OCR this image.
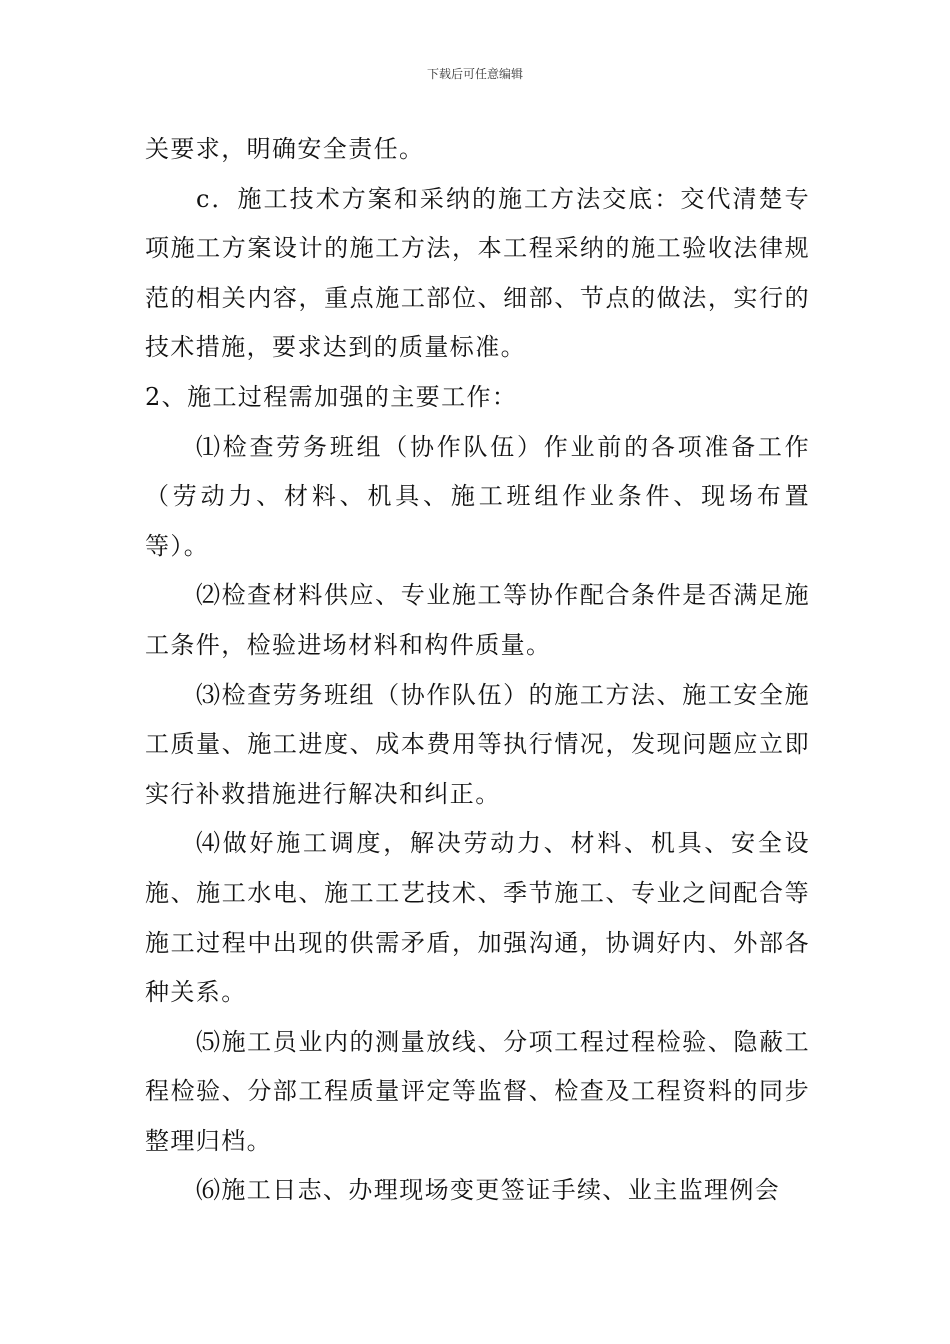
下载后可任意编辑

关要求，明确安全责任。

c．施工技术方案和采纳的施工方法交底：交代清楚专项施工方案设计的施工方法，本工程采纳的施工验收法律规范的相关内容，重点施工部位、细部、节点的做法，实行的技术措施，要求达到的质量标准。

2、施工过程需加强的主要工作：

⑴检查劳务班组（协作队伍）作业前的各项准备工作（劳动力、材料、机具、施工班组作业条件、现场布置等）。

⑵检查材料供应、专业施工等协作配合条件是否满足施工条件，检验进场材料和构件质量。

⑶检查劳务班组（协作队伍）的施工方法、施工安全施工质量、施工进度、成本费用等执行情况，发现问题应立即实行补救措施进行解决和纠正。

⑷做好施工调度，解决劳动力、材料、机具、安全设施、施工水电、施工工艺技术、季节施工、专业之间配合等施工过程中出现的供需矛盾，加强沟通，协调好内、外部各种关系。

⑸施工员业内的测量放线、分项工程过程检验、隐蔽工程检验、分部工程质量评定等监督、检查及工程资料的同步整理归档。

⑹施工日志、办理现场变更签证手续、业主监理例会
